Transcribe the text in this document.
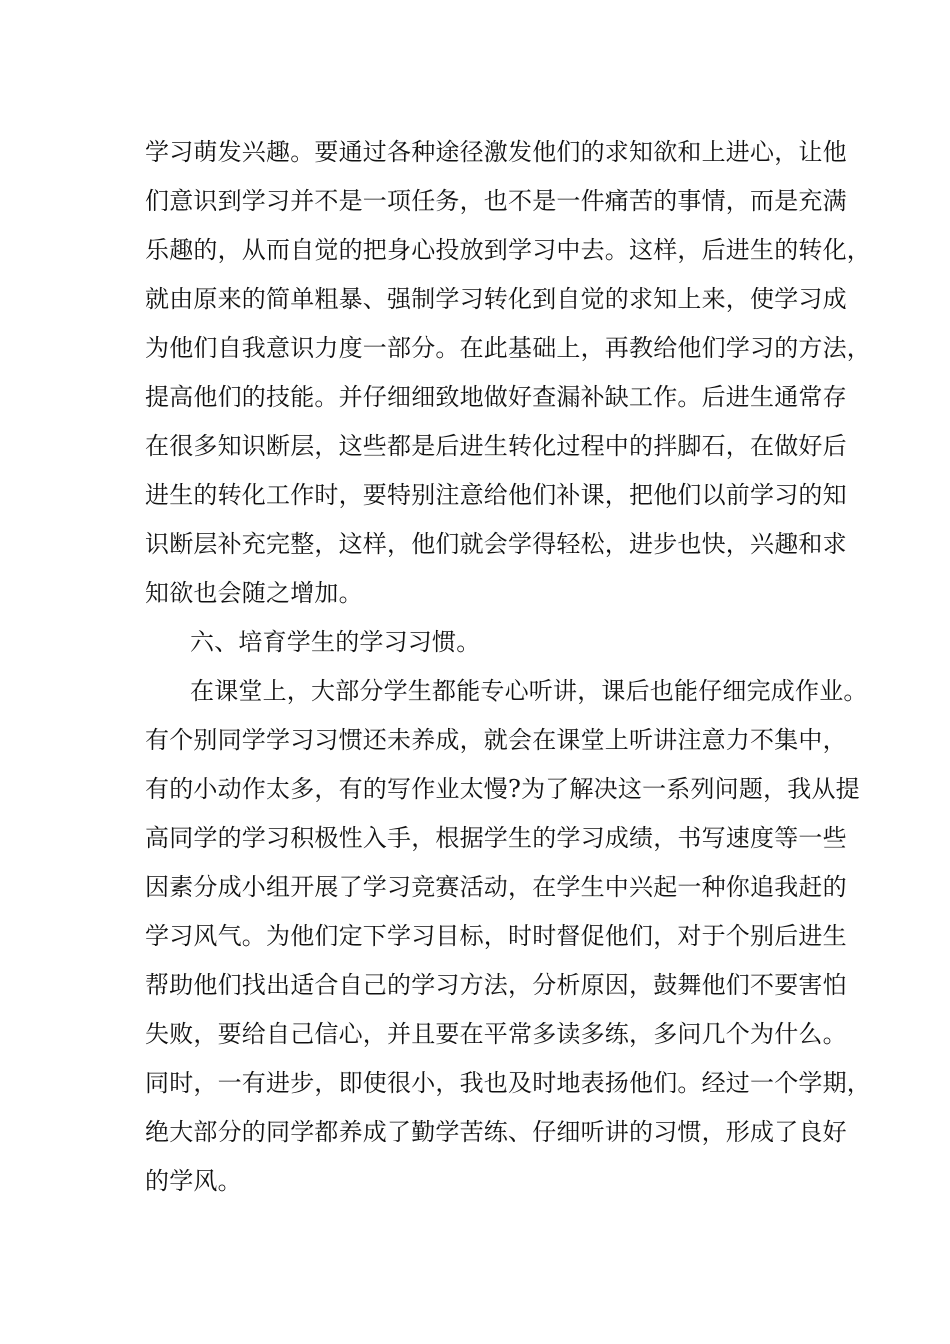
学习萌发兴趣。要通过各种途径激发他们的求知欲和上进心，让他
们意识到学习并不是一项任务，也不是一件痛苦的事情，而是充满
乐趣的，从而自觉的把身心投放到学习中去。这样，后进生的转化，
就由原来的简单粗暴、强制学习转化到自觉的求知上来，使学习成
为他们自我意识力度一部分。在此基础上，再教给他们学习的方法，
提高他们的技能。并仔细细致地做好查漏补缺工作。后进生通常存
在很多知识断层，这些都是后进生转化过程中的拌脚石，在做好后
进生的转化工作时，要特别注意给他们补课，把他们以前学习的知
识断层补充完整，这样，他们就会学得轻松，进步也快，兴趣和求
知欲也会随之增加。
六、培育学生的学习习惯。
在课堂上，大部分学生都能专心听讲，课后也能仔细完成作业。
有个别同学学习习惯还未养成，就会在课堂上听讲注意力不集中，
有的小动作太多，有的写作业太慢?为了解决这一系列问题，我从提
高同学的学习积极性入手，根据学生的学习成绩，书写速度等一些
因素分成小组开展了学习竞赛活动，在学生中兴起一种你追我赶的
学习风气。为他们定下学习目标，时时督促他们，对于个别后进生
帮助他们找出适合自己的学习方法，分析原因，鼓舞他们不要害怕
失败，要给自己信心，并且要在平常多读多练，多问几个为什么。
同时，一有进步，即使很小，我也及时地表扬他们。经过一个学期，
绝大部分的同学都养成了勤学苦练、仔细听讲的习惯，形成了良好
的学风。
